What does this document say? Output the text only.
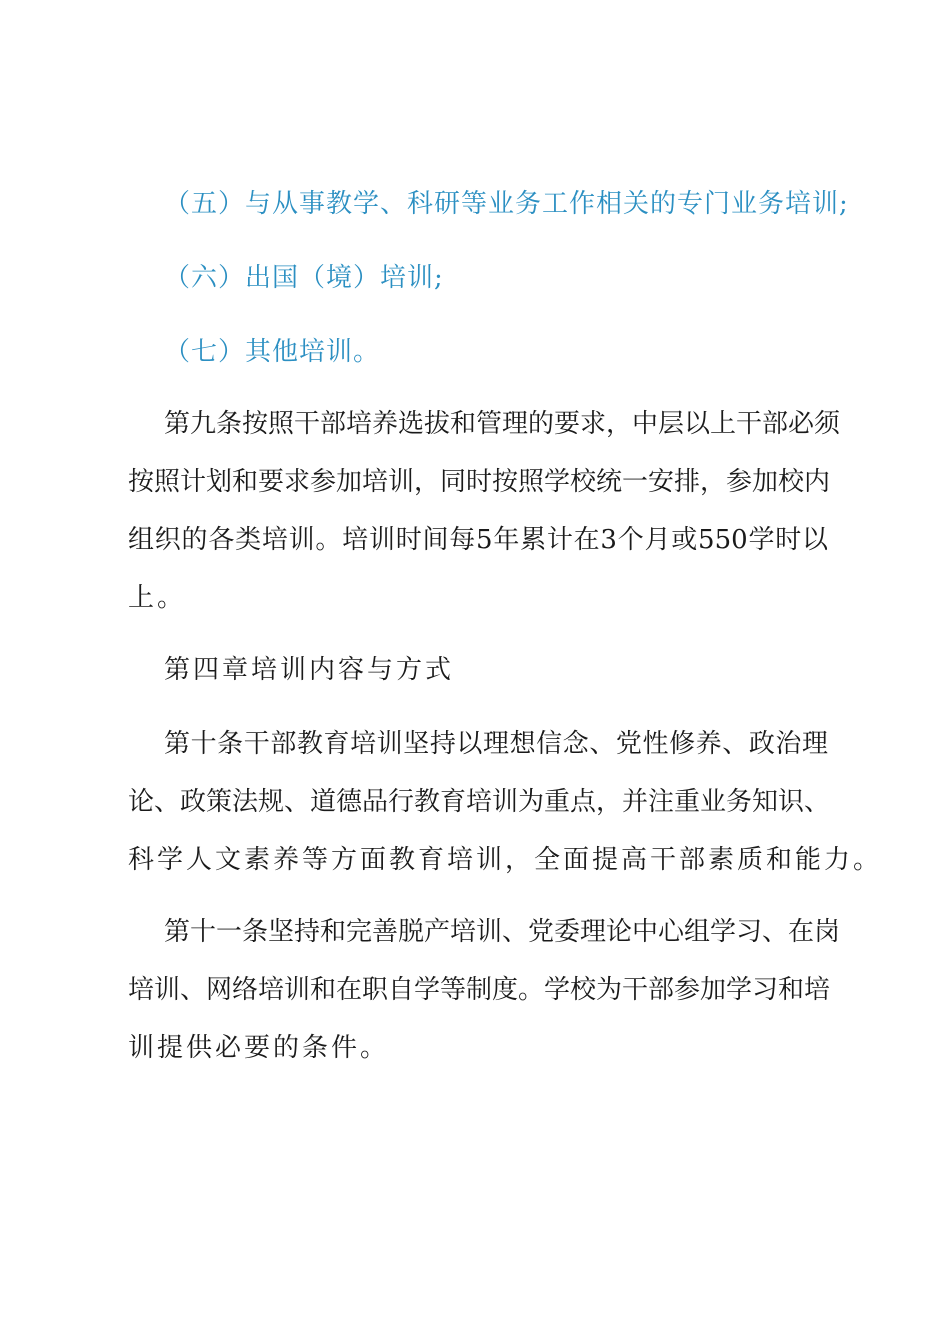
（五）与从事教学、科研等业务工作相关的专门业务培训;
（六）出国（境）培训;
（七）其他培训。
第九条按照干部培养选拔和管理的要求，中层以上干部必须
按照计划和要求参加培训，同时按照学校统一安排，参加校内
组织的各类培训。培训时间每5年累计在3个月或550学时以
上。
第四章培训内容与方式
第十条干部教育培训坚持以理想信念、党性修养、政治理
论、政策法规、道德品行教育培训为重点，并注重业务知识、
科学人文素养等方面教育培训，全面提高干部素质和能力。
第十一条坚持和完善脱产培训、党委理论中心组学习、在岗
培训、网络培训和在职自学等制度。学校为干部参加学习和培
训提供必要的条件。
